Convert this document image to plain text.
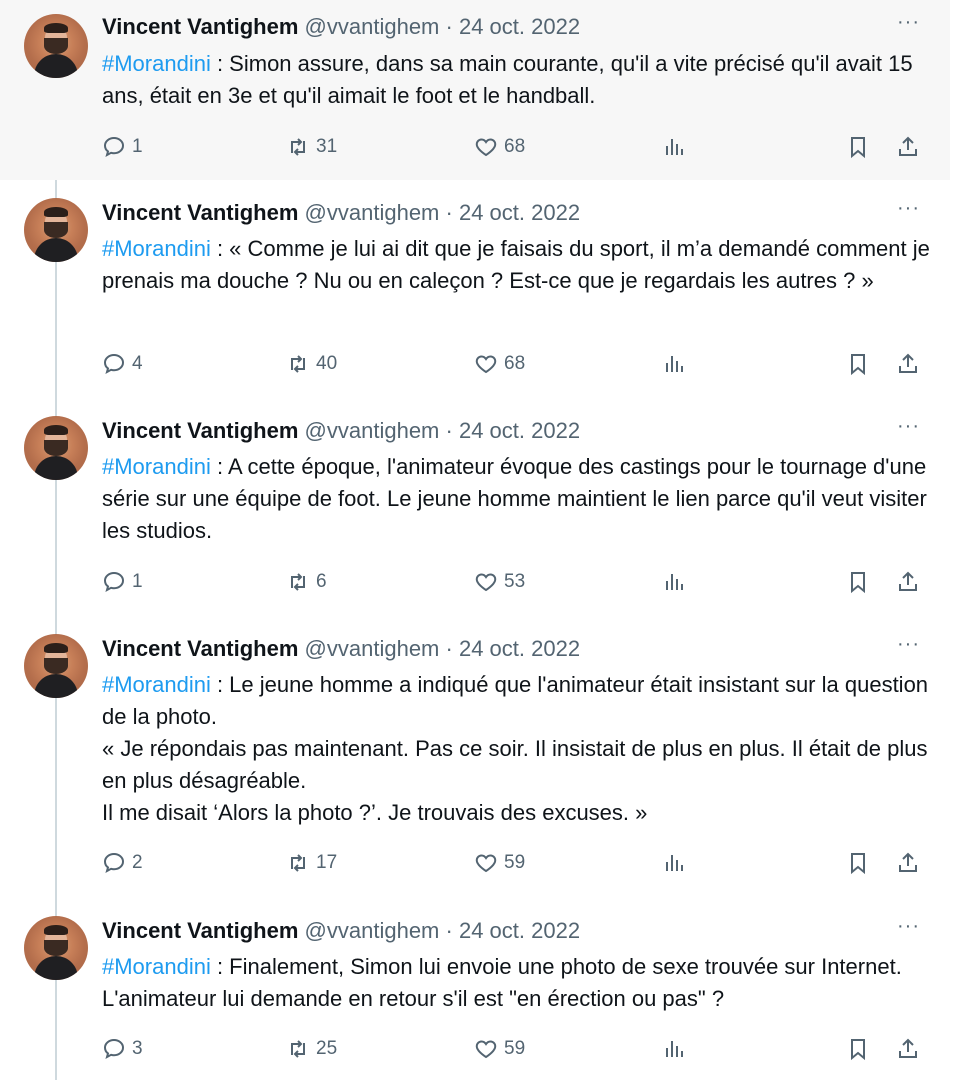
Vincent Vantighem @vvantighem · 24 oct. 2022	···

#Morandini : Simon assure, dans sa main courante, qu'il a vite précisé qu'il avait 15 ans, était en 3e et qu'il aimait le foot et le handball.

1	31	68
Vincent Vantighem @vvantighem · 24 oct. 2022	···

#Morandini : « Comme je lui ai dit que je faisais du sport, il m’a demandé comment je prenais ma douche ? Nu ou en caleçon ? Est-ce que je regardais les autres ? »

4	40	68
Vincent Vantighem @vvantighem · 24 oct. 2022	···

#Morandini : A cette époque, l'animateur évoque des castings pour le tournage d'une série sur une équipe de foot. Le jeune homme maintient le lien parce qu'il veut visiter les studios.

1	6	53
Vincent Vantighem @vvantighem · 24 oct. 2022	···

#Morandini : Le jeune homme a indiqué que l'animateur était insistant sur la question de la photo.

« Je répondais pas maintenant. Pas ce soir. Il insistait de plus en plus. Il était de plus en plus désagréable.

Il me disait ‘Alors la photo ?’. Je trouvais des excuses. »

2	17	59
Vincent Vantighem @vvantighem · 24 oct. 2022	···

#Morandini : Finalement, Simon lui envoie une photo de sexe trouvée sur Internet. L'animateur lui demande en retour s'il est "en érection ou pas" ?

3	25	59
